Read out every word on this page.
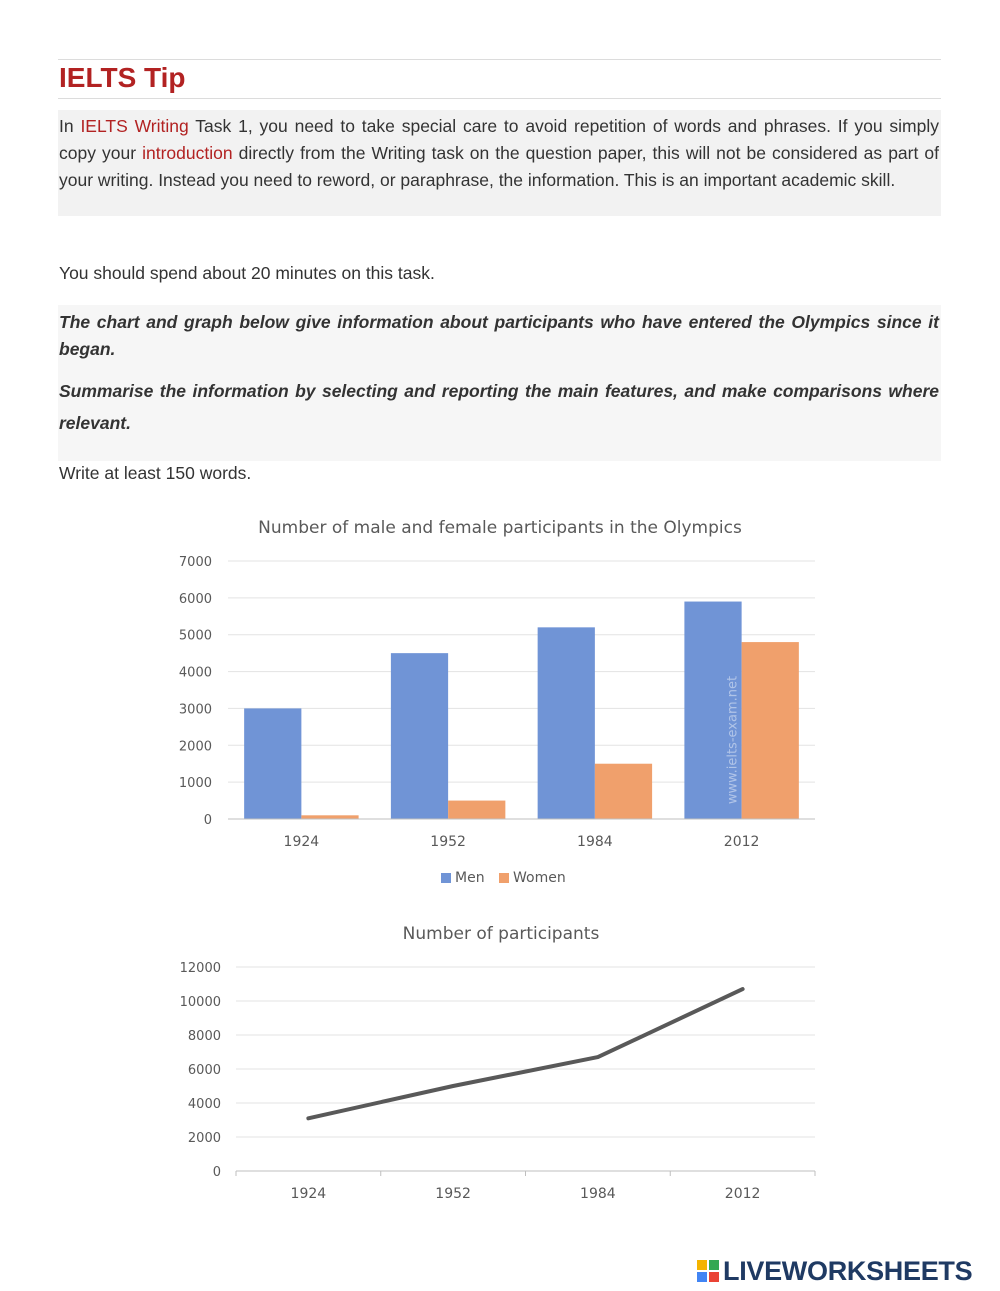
IELTS Tip

In IELTS Writing Task 1, you need to take special care to avoid repetition of words and phrases. If you simply copy your introduction directly from the Writing task on the question paper, this will not be considered as part of your writing. Instead you need to reword, or paraphrase, the information. This is an important academic skill.

You should spend about 20 minutes on this task.

The chart and graph below give information about participants who have entered the Olympics since it began.

Summarise the information by selecting and reporting the main features, and make comparisons where relevant.

Write at least 150 words.

Number of male and female participants in the Olympics
0
1000
2000
3000
4000
5000
6000
7000
1924	1952	1984	2012
www.ielts-exam.net
Men Women
Number of participants
0
2000
4000
6000
8000
10000
12000
1924	1952	1984	2012
LIVEWORKSHEETS
